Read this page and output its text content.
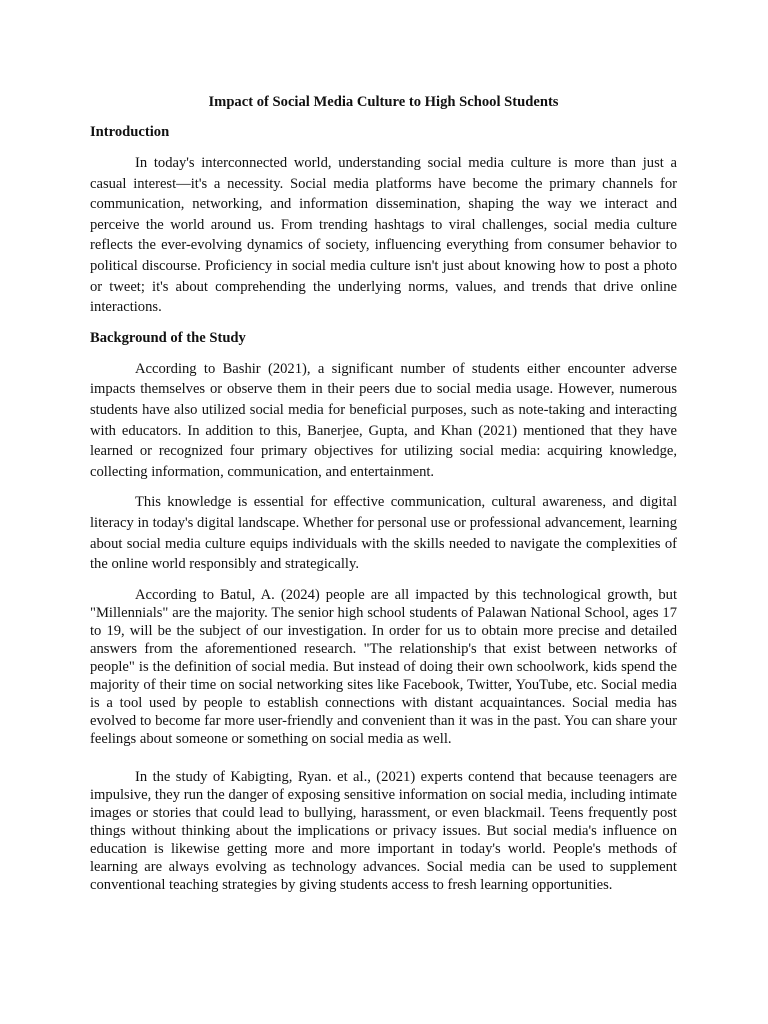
Impact of Social Media Culture to High School Students
Introduction

In today's interconnected world, understanding social media culture is more than just a casual interest—it's a necessity. Social media platforms have become the primary channels for communication, networking, and information dissemination, shaping the way we interact and perceive the world around us. From trending hashtags to viral challenges, social media culture reflects the ever-evolving dynamics of society, influencing everything from consumer behavior to political discourse. Proficiency in social media culture isn't just about knowing how to post a photo or tweet; it's about comprehending the underlying norms, values, and trends that drive online interactions.

Background of the Study

According to Bashir (2021), a significant number of students either encounter adverse impacts themselves or observe them in their peers due to social media usage. However, numerous students have also utilized social media for beneficial purposes, such as note-taking and interacting with educators. In addition to this, Banerjee, Gupta, and Khan (2021) mentioned that they have learned or recognized four primary objectives for utilizing social media: acquiring knowledge, collecting information, communication, and entertainment.

This knowledge is essential for effective communication, cultural awareness, and digital literacy in today's digital landscape. Whether for personal use or professional advancement, learning about social media culture equips individuals with the skills needed to navigate the complexities of the online world responsibly and strategically.

According to Batul, A. (2024) people are all impacted by this technological growth, but "Millennials" are the majority. The senior high school students of Palawan National School, ages 17 to 19, will be the subject of our investigation. In order for us to obtain more precise and detailed answers from the aforementioned research. "The relationship's that exist between networks of people" is the definition of social media. But instead of doing their own schoolwork, kids spend the majority of their time on social networking sites like Facebook, Twitter, YouTube, etc. Social media is a tool used by people to establish connections with distant acquaintances. Social media has evolved to become far more user-friendly and convenient than it was in the past. You can share your feelings about someone or something on social media as well.

In the study of Kabigting, Ryan. et al., (2021) experts contend that because teenagers are impulsive, they run the danger of exposing sensitive information on social media, including intimate images or stories that could lead to bullying, harassment, or even blackmail. Teens frequently post things without thinking about the implications or privacy issues. But social media's influence on education is likewise getting more and more important in today's world. People's methods of learning are always evolving as technology advances. Social media can be used to supplement conventional teaching strategies by giving students access to fresh learning opportunities.
